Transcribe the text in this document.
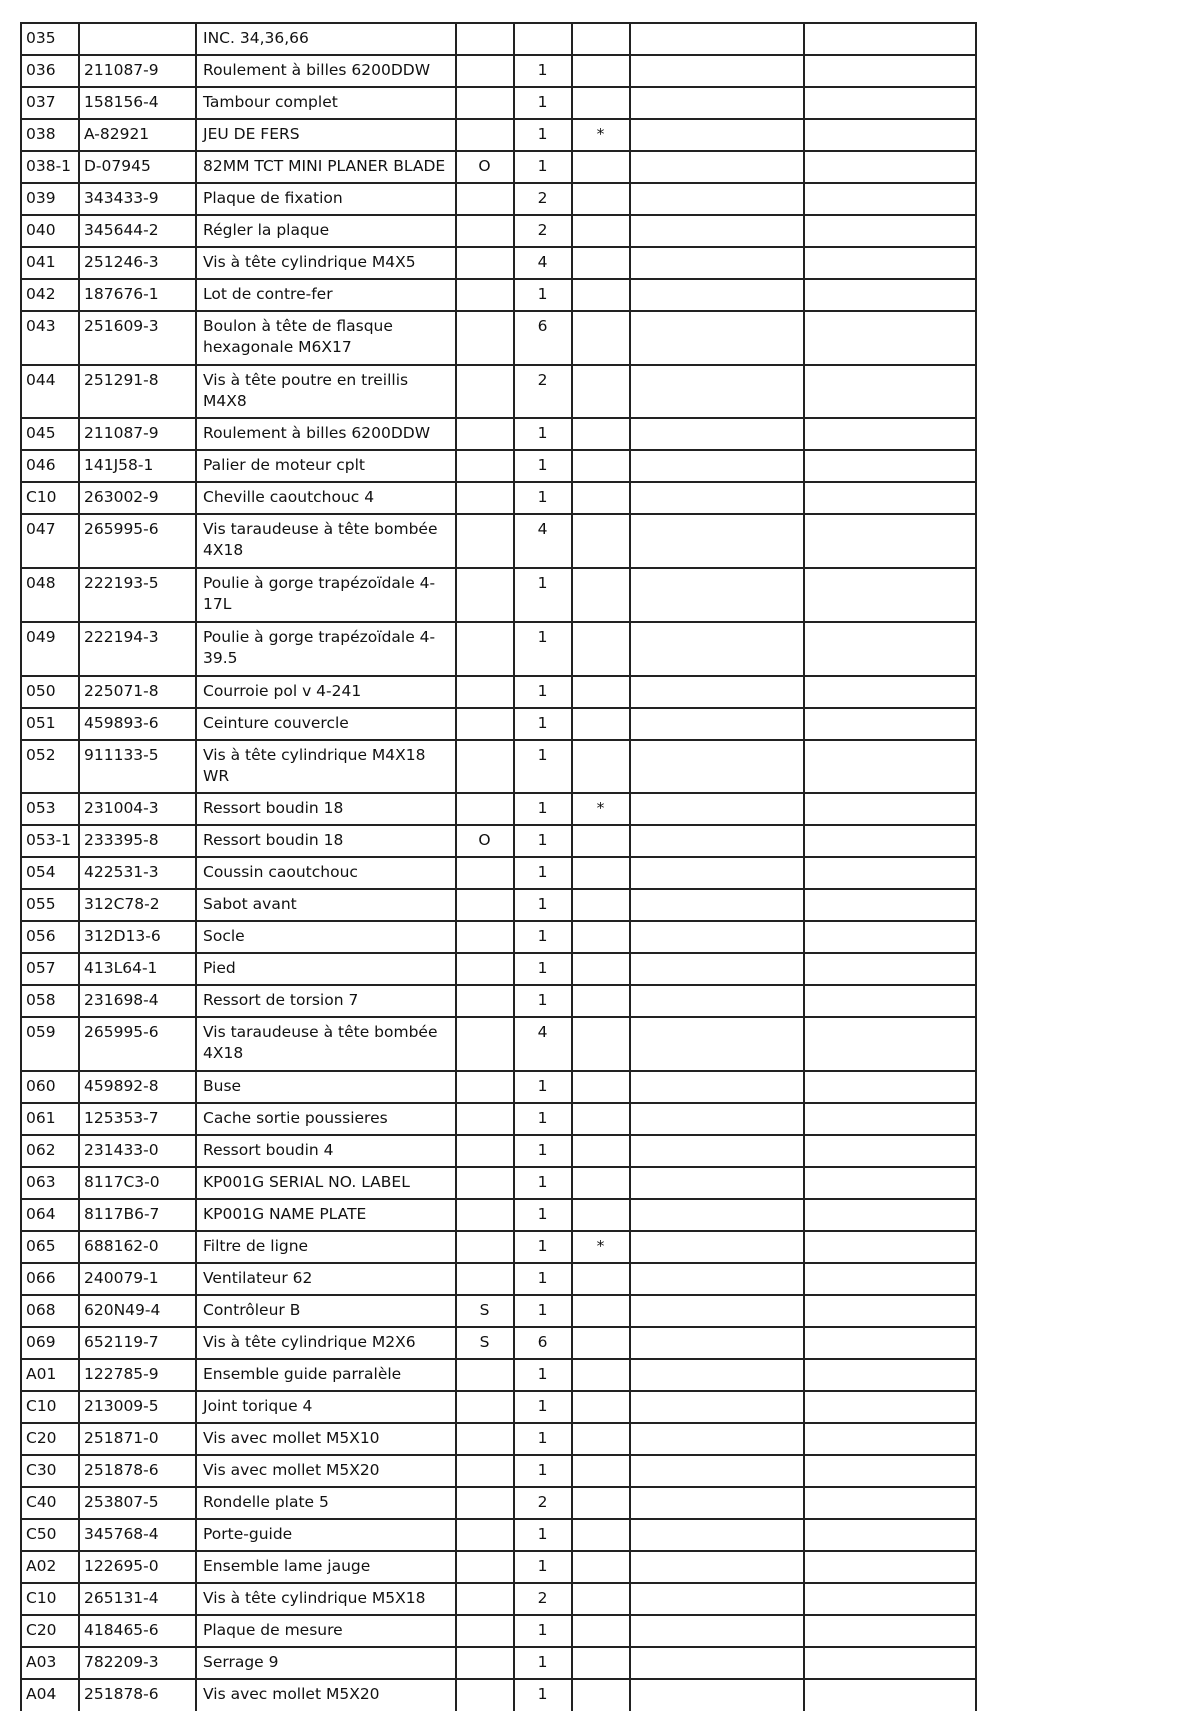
035		INC. 34,36,66					
036	211087-9	Roulement à billes 6200DDW		1			
037	158156-4	Tambour complet		1			
038	A-82921	JEU DE FERS		1	*		
038-1	D-07945	82MM TCT MINI PLANER BLADE	O	1			
039	343433-9	Plaque de fixation		2			
040	345644-2	Régler la plaque		2			
041	251246-3	Vis à tête cylindrique M4X5		4			
042	187676-1	Lot de contre-fer		1			
043	251609-3	Boulon à tête de flasque hexagonale M6X17		6			
044	251291-8	Vis à tête poutre en treillis M4X8		2			
045	211087-9	Roulement à billes 6200DDW		1			
046	141J58-1	Palier de moteur cplt		1			
C10	263002-9	Cheville caoutchouc 4		1			
047	265995-6	Vis taraudeuse à tête bombée 4X18		4			
048	222193-5	Poulie à gorge trapézoïdale 4-17L		1			
049	222194-3	Poulie à gorge trapézoïdale 4-39.5		1			
050	225071-8	Courroie pol v 4-241		1			
051	459893-6	Ceinture couvercle		1			
052	911133-5	Vis à tête cylindrique M4X18 WR		1			
053	231004-3	Ressort boudin 18		1	*		
053-1	233395-8	Ressort boudin 18	O	1			
054	422531-3	Coussin caoutchouc		1			
055	312C78-2	Sabot avant		1			
056	312D13-6	Socle		1			
057	413L64-1	Pied		1			
058	231698-4	Ressort de torsion 7		1			
059	265995-6	Vis taraudeuse à tête bombée 4X18		4			
060	459892-8	Buse		1			
061	125353-7	Cache sortie poussieres		1			
062	231433-0	Ressort boudin 4		1			
063	8117C3-0	KP001G SERIAL NO. LABEL		1			
064	8117B6-7	KP001G NAME PLATE		1			
065	688162-0	Filtre de ligne		1	*		
066	240079-1	Ventilateur 62		1			
068	620N49-4	Contrôleur B	S	1			
069	652119-7	Vis à tête cylindrique M2X6	S	6			
A01	122785-9	Ensemble guide parralèle		1			
C10	213009-5	Joint torique 4		1			
C20	251871-0	Vis avec mollet M5X10		1			
C30	251878-6	Vis avec mollet M5X20		1			
C40	253807-5	Rondelle plate 5		2			
C50	345768-4	Porte-guide		1			
A02	122695-0	Ensemble lame jauge		1			
C10	265131-4	Vis à tête cylindrique M5X18		2			
C20	418465-6	Plaque de mesure		1			
A03	782209-3	Serrage 9		1			
A04	251878-6	Vis avec mollet M5X20		1			
